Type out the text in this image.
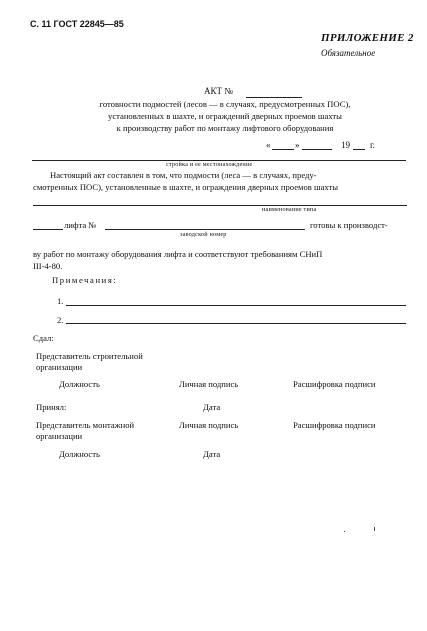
С. 11 ГОСТ 22845—85
ПРИЛОЖЕНИЕ 2
Обязательное
АКТ №
готовности подмостей (лесов — в случаях, предусмотренных ПОС),
установленных в шахте, и ограждений дверных проемов шахты
к производству работ по монтажу лифтового оборудования
«	»	19 г.
стройка и ее местонахождение
Настоящий акт составлен в том, что подмости (леса — в случаях, преду-
смотренных ПОС), установленные в шахте, и ограждения дверных проемов шахты
наименование типа
лифта №	готовы к производст-
заводской номер
ву работ по монтажу оборудования лифта и соответствуют требованиям СНиП
III-4-80.
Примечания:
1.
2.
Сдал:
Представитель строительной
организации
Должность	Личная подпись	Расшифровка подписи
Принял:	Дата
Представитель монтажной
организации
Личная подпись	Расшифровка подписи
Должность	Дата
